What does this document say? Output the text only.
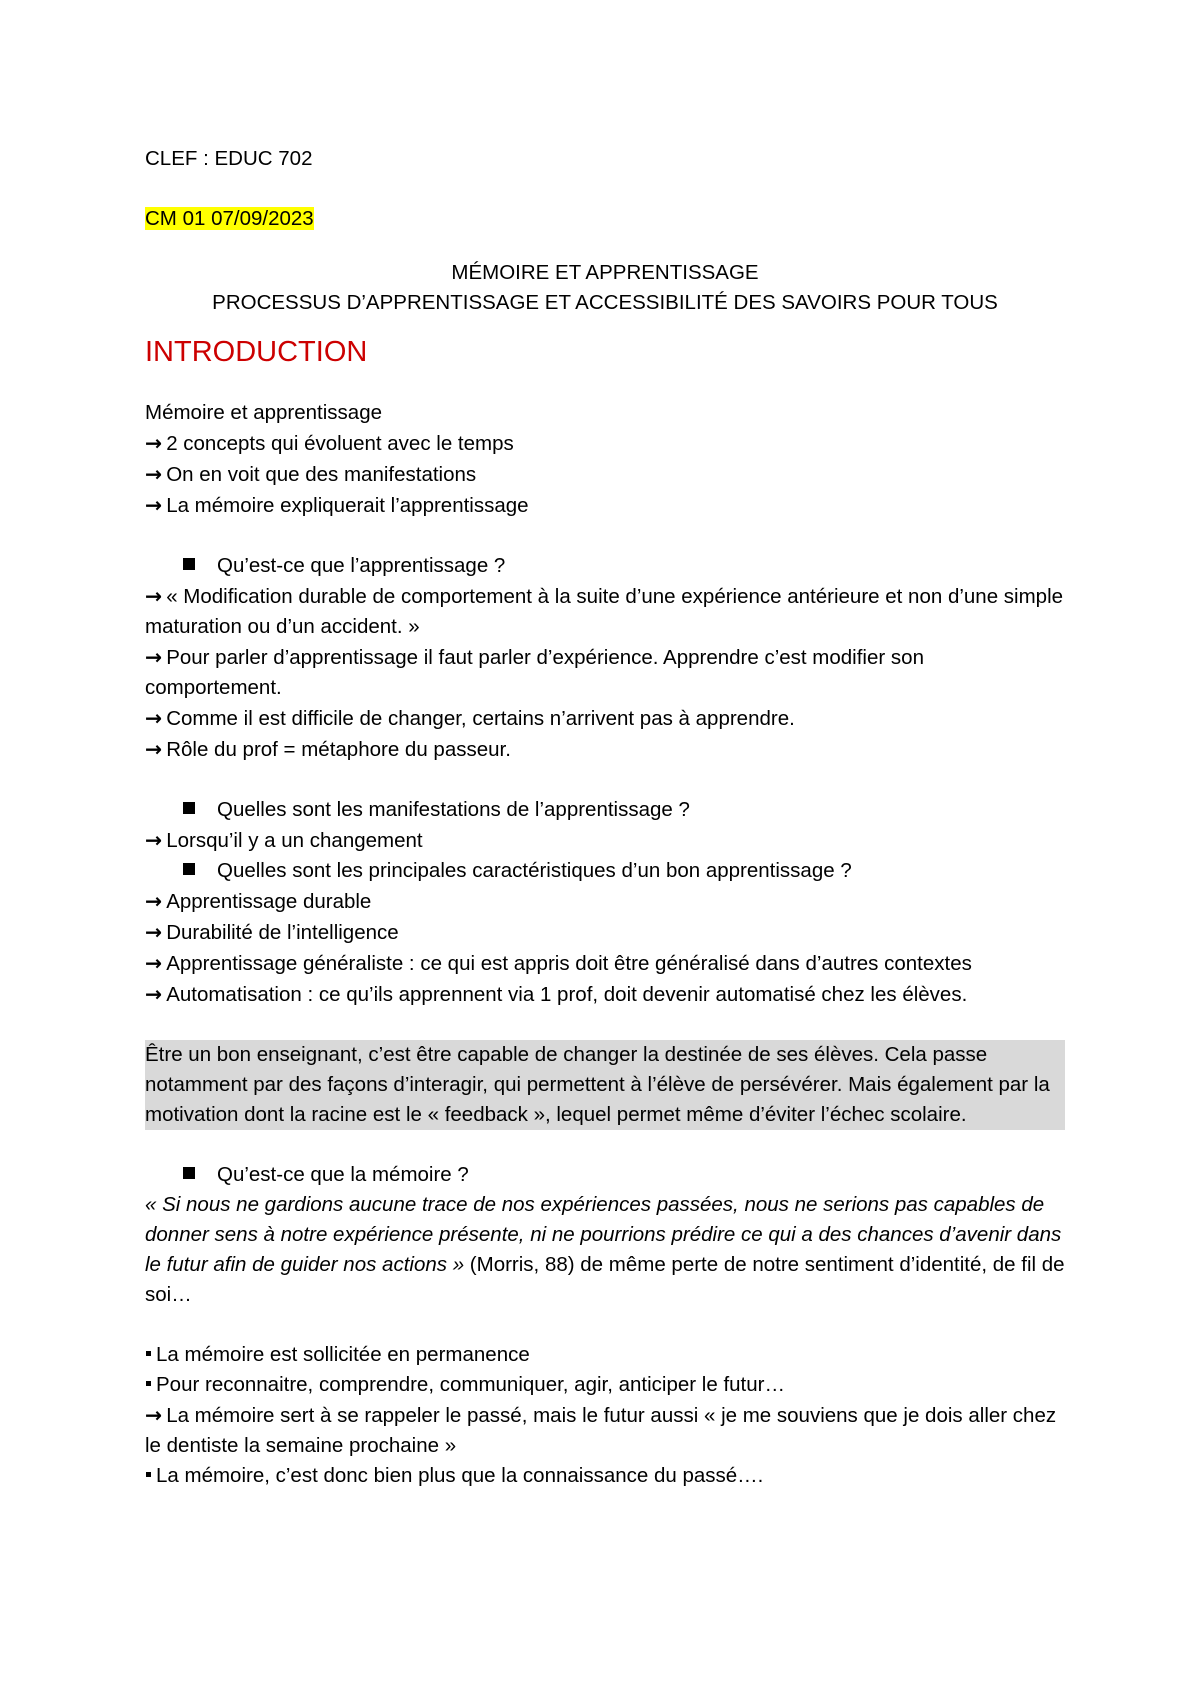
CLEF : EDUC 702
CM 01 07/09/2023
MÉMOIRE ET APPRENTISSAGE
PROCESSUS D’APPRENTISSAGE ET ACCESSIBILITÉ DES SAVOIRS POUR TOUS
INTRODUCTION
Mémoire et apprentissage
→ 2 concepts qui évoluent avec le temps
→ On en voit que des manifestations
→ La mémoire expliquerait l’apprentissage
Qu’est-ce que l’apprentissage ?
→ « Modification durable de comportement à la suite d’une expérience antérieure et non d’une simple maturation ou d’un accident. »
→ Pour parler d’apprentissage il faut parler d’expérience. Apprendre c’est modifier son comportement.
→ Comme il est difficile de changer, certains n’arrivent pas à apprendre.
→ Rôle du prof = métaphore du passeur.
Quelles sont les manifestations de l’apprentissage ?
→ Lorsqu’il y a un changement
Quelles sont les principales caractéristiques d’un bon apprentissage ?
→ Apprentissage durable
→ Durabilité de l’intelligence
→ Apprentissage généraliste : ce qui est appris doit être généralisé dans d’autres contextes
→ Automatisation : ce qu’ils apprennent via 1 prof, doit devenir automatisé chez les élèves.
Être un bon enseignant, c’est être capable de changer la destinée de ses élèves. Cela passe notamment par des façons d’interagir, qui permettent à l’élève de persévérer. Mais également par la motivation dont la racine est le « feedback », lequel permet même d’éviter l’échec scolaire.
Qu’est-ce que la mémoire ?
« Si nous ne gardions aucune trace de nos expériences passées, nous ne serions pas capables de donner sens à notre expérience présente, ni ne pourrions prédire ce qui a des chances d’avenir dans le futur afin de guider nos actions » (Morris, 88) de même perte de notre sentiment d’identité, de fil de soi…
La mémoire est sollicitée en permanence
Pour reconnaitre, comprendre, communiquer, agir, anticiper le futur…
→ La mémoire sert à se rappeler le passé, mais le futur aussi « je me souviens que je dois aller chez le dentiste la semaine prochaine »
La mémoire, c’est donc bien plus que la connaissance du passé….
